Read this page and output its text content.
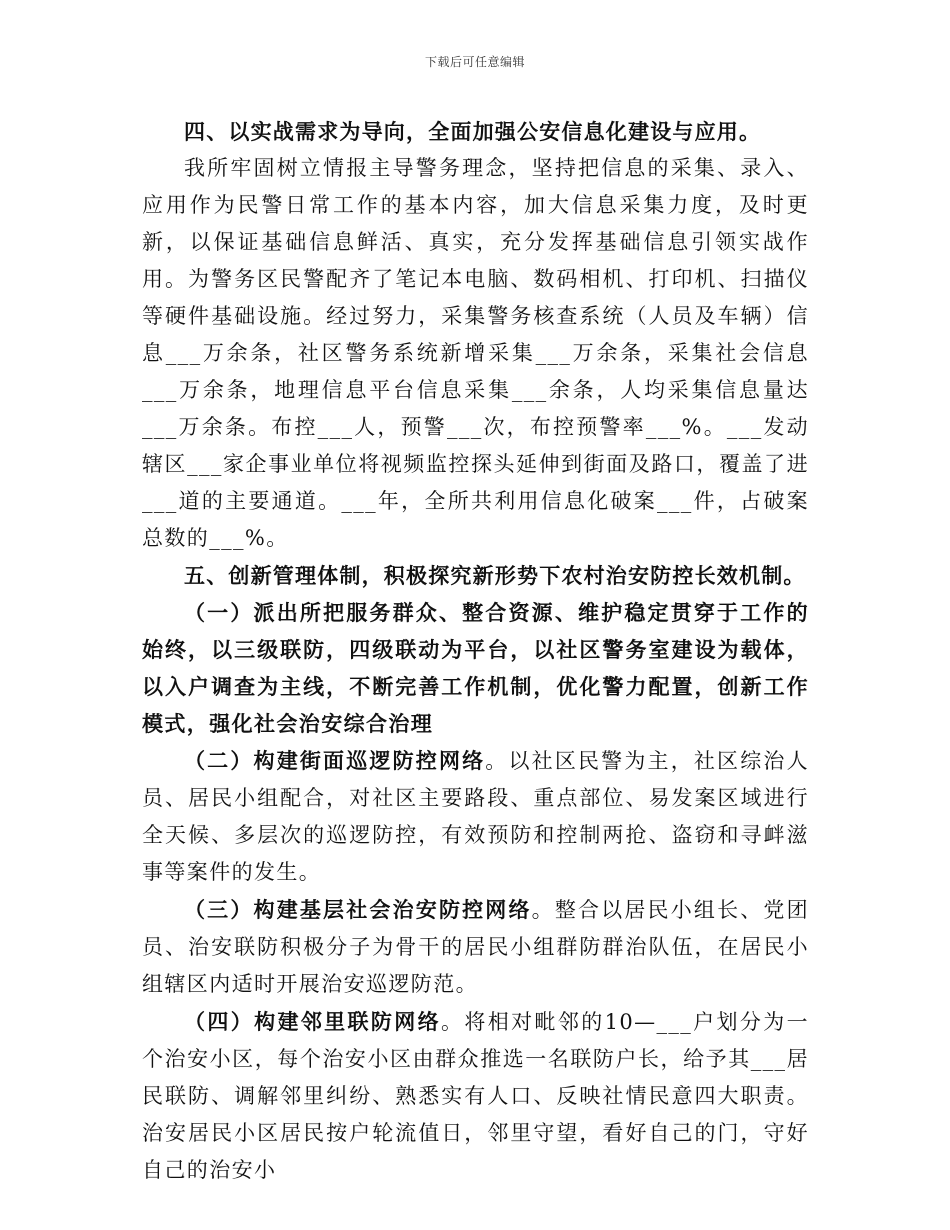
下载后可任意编辑

四、以实战需求为导向，全面加强公安信息化建设与应用。

我所牢固树立情报主导警务理念，坚持把信息的采集、录入、应用作为民警日常工作的基本内容，加大信息采集力度，及时更新，以保证基础信息鲜活、真实，充分发挥基础信息引领实战作用。为警务区民警配齐了笔记本电脑、数码相机、打印机、扫描仪等硬件基础设施。经过努力，采集警务核查系统（人员及车辆）信息___万余条，社区警务系统新增采集___万余条，采集社会信息___万余条，地理信息平台信息采集___余条，人均采集信息量达___万余条。布控___人，预警___次，布控预警率___%。___发动辖区___家企事业单位将视频监控探头延伸到街面及路口，覆盖了进___道的主要通道。___年，全所共利用信息化破案___件，占破案总数的___%。

五、创新管理体制，积极探究新形势下农村治安防控长效机制。

（一）派出所把服务群众、整合资源、维护稳定贯穿于工作的始终，以三级联防，四级联动为平台，以社区警务室建设为载体，以入户调查为主线，不断完善工作机制，优化警力配置，创新工作模式，强化社会治安综合治理

（二）构建街面巡逻防控网络。以社区民警为主，社区综治人员、居民小组配合，对社区主要路段、重点部位、易发案区域进行全天候、多层次的巡逻防控，有效预防和控制两抢、盗窃和寻衅滋事等案件的发生。

（三）构建基层社会治安防控网络。整合以居民小组长、党团员、治安联防积极分子为骨干的居民小组群防群治队伍，在居民小组辖区内适时开展治安巡逻防范。

（四）构建邻里联防网络。将相对毗邻的10—___户划分为一个治安小区，每个治安小区由群众推选一名联防户长，给予其___居民联防、调解邻里纠纷、熟悉实有人口、反映社情民意四大职责。治安居民小区居民按户轮流值日，邻里守望，看好自己的门，守好自己的治安小
